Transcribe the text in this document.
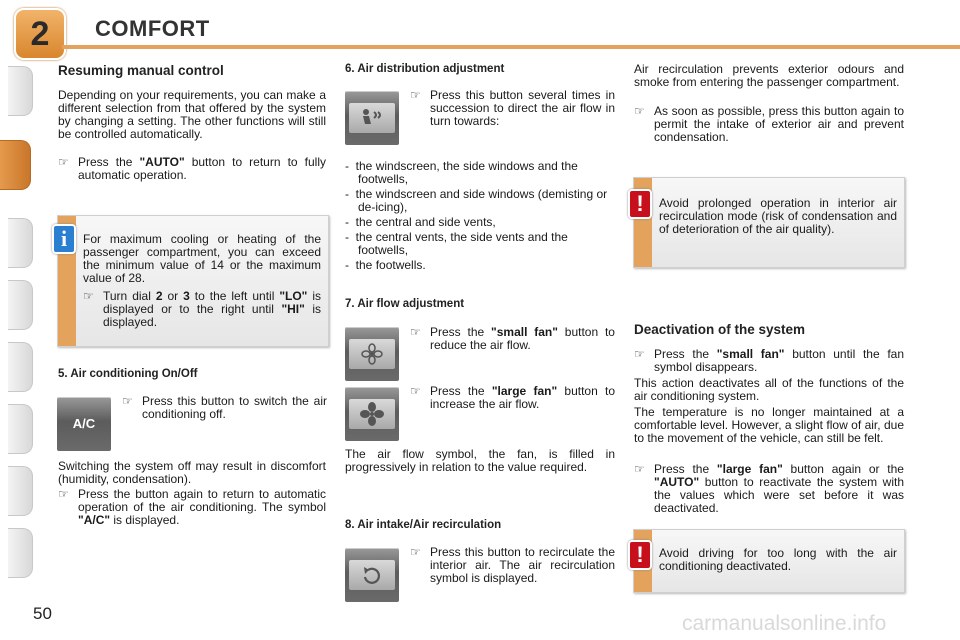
2	COMFORT
Resuming manual control

Depending on your requirements, you can make a different selection from that offered by the system by changing a setting. The other functions will still be controlled automatically.

☞ Press the "AUTO" button to return to fully automatic operation.

For maximum cooling or heating of the passenger compartment, you can exceed the minimum value of 14 or the maximum value of 28.

☞ Turn dial 2 or 3 to the left until "LO" is displayed or to the right until "HI" is displayed.
i
5. Air conditioning On/Off
A/C
☞ Press this button to switch the air conditioning off.

Switching the system off may result in discomfort (humidity, condensation).

☞ Press the button again to return to automatic operation of the air conditioning. The symbol "A/C" is displayed.
6. Air distribution adjustment
☞ Press this button several times in succession to direct the air flow in turn towards:
-  the windscreen, the side windows and the footwells,
-  the windscreen and side windows (demisting or de-icing),
-  the central and side vents,
-  the central vents, the side vents and the footwells,
-  the footwells.
7. Air flow adjustment
☞ Press the "small fan" button to reduce the air flow.
☞ Press the "large fan" button to increase the air flow.

The air flow symbol, the fan, is filled in progressively in relation to the value required.

8. Air intake/Air recirculation
☞ Press this button to recirculate the interior air. The air recirculation symbol is displayed.

Air recirculation prevents exterior odours and smoke from entering the passenger compartment.

☞ As soon as possible, press this button again to permit the intake of exterior air and prevent condensation.

Avoid prolonged operation in interior air recirculation mode (risk of condensation and of deterioration of the air quality).

!
Deactivation of the system
☞ Press the "small fan" button until the fan symbol disappears.

This action deactivates all of the functions of the air conditioning system.

The temperature is no longer maintained at a comfortable level. However, a slight flow of air, due to the movement of the vehicle, can still be felt.

☞ Press the "large fan" button again or the "AUTO" button to reactivate the system with the values which were set before it was deactivated.

Avoid driving for too long with the air conditioning deactivated.

!
50	carmanualsonline.info
